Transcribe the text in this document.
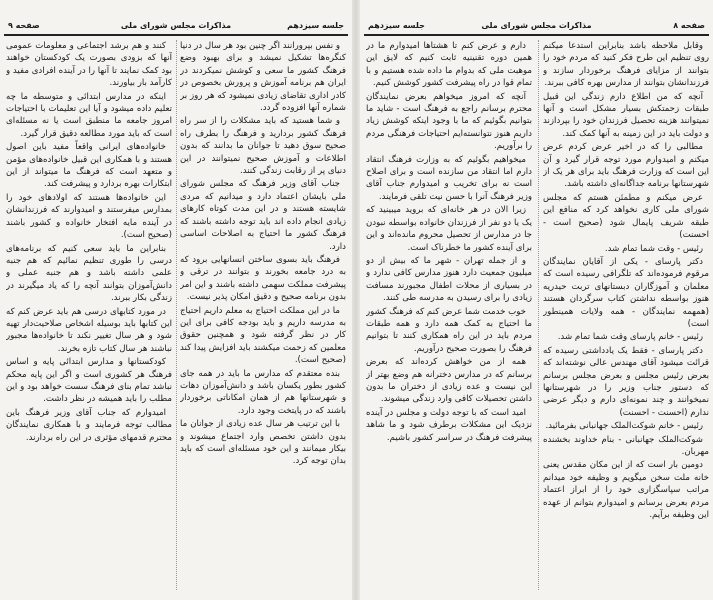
جلسه سیزدهم
مذاکرات مجلس شورای ملی
صفحه ۹

و نفس بپرورانند اگر چنین بود هر سال در دنیا کنگره‌ها تشکیل نمیشد و برای بهبود وضع فرهنگ کشور ما سعی و کوشش نمیکردند در ایران هم برنامه آموزش و پرورش بخصوص در کادر اداری تقاضای زیادی نمیشود که هر روز بر شماره آنها افزوده گردد.

و شما هستید که باید مشکلات را از سر راه فرهنگ کشور بردارید و فرهنگ را بطرف راه صحیح سوق دهید تا جوانان ما بدانند که بدون اطلاعات و آموزش صحیح نمیتوانند در این دنیای پر از رقابت زندگی کنند.

جناب آقای وزیر فرهنگ که مجلس شورای ملی بایشان اعتماد دارد و میدانیم که مردی شایسته هستند و در این مدت کوتاه کارهای زیادی انجام داده اند باید توجه داشته باشند که فرهنگ کشور ما احتیاج به اصلاحات اساسی دارد.

فرهنگ باید بسوی ساختن انسانهایی برود که به درد جامعه بخورند و بتوانند در ترقی و پیشرفت مملکت سهمی داشته باشند و این امر بدون برنامه صحیح و دقیق امکان پذیر نیست.

ما در این مملکت احتیاج به معلم داریم احتیاج به مدرسه داریم و باید بودجه کافی برای این کار در نظر گرفته شود و همچنین حقوق معلمین که زحمت میکشند باید افزایش پیدا کند (صحیح است).

بنده معتقدم که مدارس ما باید در همه جای کشور بطور یکسان باشد و دانش‌آموزان دهات و شهرستانها هم از همان امکاناتی برخوردار باشند که در پایتخت وجود دارد.

با این ترتیب هر سال عده زیادی از جوانان ما بدون داشتن تخصص وارد اجتماع میشوند و بیکار میمانند و این خود مسئله‌ای است که باید بدان توجه کرد.

کنند و هم برشد اجتماعی و معلومات عمومی آنها که بزودی بصورت یک کودکستان خواهند بود کمک نمایند تا آنها را در آینده افرادی مفید و کارآمد بار بیاورند.

اینکه در مدارس ابتدائی و متوسطه ما چه تعلیم داده میشود و آیا این تعلیمات با احتیاجات امروز جامعه ما منطبق است یا نه مسئله‌ای است که باید مورد مطالعه دقیق قرار گیرد.

خانواده‌های ایرانی واقعاً مفید باین اصول هستند و با همکاری این قبیل خانواده‌های مؤمن و متعهد است که فرهنگ ما میتواند از این ابتکارات بهره بردارد و پیشرفت کند.

این خانواده‌ها هستند که اولادهای خود را بمدارس میفرستند و امیدوارند که فرزندانشان در آینده مایه افتخار خانواده و کشور باشند (صحیح است).

بنابراین ما باید سعی کنیم که برنامه‌های درسی را طوری تنظیم نمائیم که هم جنبه علمی داشته باشد و هم جنبه عملی و دانش‌آموزان بتوانند آنچه را که یاد میگیرند در زندگی بکار ببرند.

در مورد کتابهای درسی هم باید عرض کنم که این کتابها باید بوسیله اشخاص صلاحیت‌دار تهیه شود و هر سال تغییر نکند تا خانواده‌ها مجبور نباشند هر سال کتاب تازه بخرند.

کودکستانها و مدارس ابتدائی پایه و اساس فرهنگ هر کشوری است و اگر این پایه محکم نباشد تمام بنای فرهنگ سست خواهد بود و این مطلب را باید همیشه در نظر داشت.

امیدوارم که جناب آقای وزیر فرهنگ باین مطالب توجه فرمایند و با همکاری نمایندگان محترم قدمهای مؤثری در این راه بردارند.

صفحه ۸
مذاکرات مجلس شورای ملی
جلسه سیزدهم

وقابل ملاحظه باشد بنابراین استدعا میکنم روی تنظیم این طرح فکر کنید که مردم خود را بتوانند از مزایای فرهنگ برخوردار سازند و فرزندانشان بتوانند از مدارس بهره کافی ببرند.

آنچه که من اطلاع دارم زندگی این قبیل طبقات زحمتکش بسیار مشکل است و آنها نمیتوانند هزینه تحصیل فرزندان خود را بپردازند و دولت باید در این زمینه به آنها کمک کند.

مطالبی را که در اخیر عرض کردم عرض میکنم و امیدوارم مورد توجه قرار گیرد و آن این است که وزارت فرهنگ باید برای هر یک از شهرستانها برنامه جداگانه‌ای داشته باشد.

عرض میکنم و مطمئن هستم که مجلس شورای ملی کاری نخواهد کرد که منافع این طبقه شریف پایمال شود (صحیح است - احسنت)

رئیس - وقت شما تمام شد.

دکتر پارسای - یکی از آقایان نمایندگان مرقوم فرموده‌اند که تلگرافی رسیده است که معلمان و آموزگاران دبستانهای تربت حیدریه هنوز بواسطه نداشتن کتاب سرگردان هستند (همهمه نمایندگان - همه ولایات همینطور است)

رئیس - خانم پارسای وقت شما تمام شد.

دکتر پارسای - فقط یک یادداشتی رسیده که قرائت میشود آقای مهندس عالی نوشته‌اند که بعرض رئیس مجلس و بعرض مجلس برسانم که دستور جناب وزیر را در شهرستانها نمیخوانند و چند نمونه‌ای دارم و دیگر عرضی ندارم (احسنت - احسنت)

رئیس - خانم شوکت‌الملک جهانبانی بفرمائید.

شوکت‌الملک جهانبانی - بنام خداوند بخشنده مهربان.

دومین بار است که از این مکان مقدس یعنی خانه ملت سخن میگویم و وظیفه خود میدانم مراتب سپاسگزاری خود را از ابراز اعتماد مردم بعرض برسانم و امیدوارم بتوانم از عهده این وظیفه برآیم.

دارم و عرض کنم تا هشتاها امیدوارم ما در همین دوره تقنینیه ثابت کنیم که لایق این موهبت ملی که بدوام ما داده شده هستیم و با تمام قوا در راه پیشرفت کشور کوشش کنیم.

آنچه که امروز میخواهم بعرض نمایندگان محترم برسانم راجع به فرهنگ است - شاید ما بتوانیم بگوئیم که ما با وجود اینکه کوشش زیاد داریم هنوز نتوانسته‌ایم احتیاجات فرهنگی مردم را برآوریم.

میخواهیم بگوئیم که به وزارت فرهنگ انتقاد دارم اما انتقاد من سازنده است و برای اصلاح است نه برای تخریب و امیدوارم جناب آقای وزیر فرهنگ آنرا با حسن نیت تلقی فرمایند.

زیرا الان در هر خانه‌ای که بروید میبینید که یک یا دو نفر از فرزندان خانواده بواسطه نبودن جا در مدارس از تحصیل محروم مانده‌اند و این برای آینده کشور ما خطرناک است.

و از جمله تهران - شهر ما که بیش از دو میلیون جمعیت دارد هنوز مدارس کافی ندارد و در بسیاری از محلات اطفال مجبورند مسافت زیادی را برای رسیدن به مدرسه طی کنند.

خوب خدمت شما عرض کنم که فرهنگ کشور ما احتیاج به کمک همه دارد و همه طبقات مردم باید در این راه همکاری کنند تا بتوانیم فرهنگ را بصورت صحیح درآوریم.

همه از من خواهش کرده‌اند که بعرض برسانم که در مدارس دخترانه هم وضع بهتر از این نیست و عده زیادی از دختران ما بدون داشتن تحصیلات کافی وارد زندگی میشوند.

امید است که با توجه دولت و مجلس در آینده نزدیک این مشکلات برطرف شود و ما شاهد پیشرفت فرهنگ در سراسر کشور باشیم.
